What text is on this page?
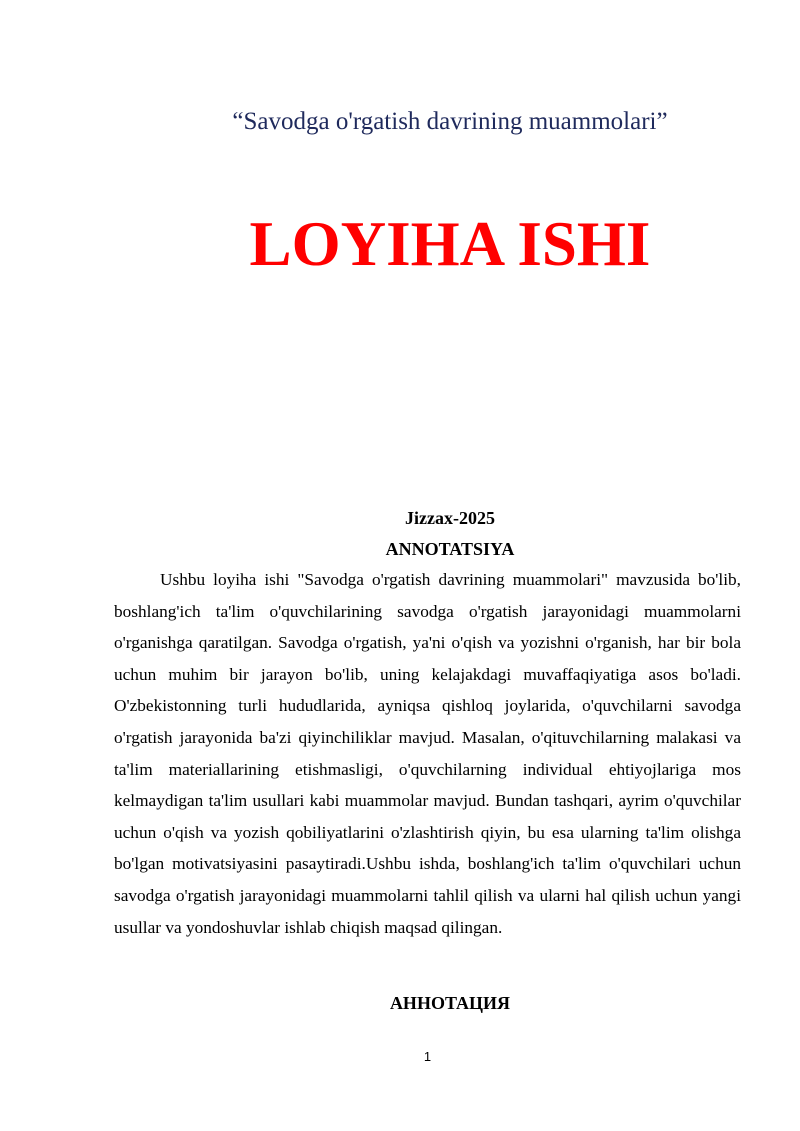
“Savodga o'rgatish davrining muammolari”
LOYIHA ISHI
Jizzax-2025
ANNOTATSIYA

Ushbu loyiha ishi "Savodga o'rgatish davrining muammolari" mavzusida bo'lib, boshlang'ich ta'lim o'quvchilarining savodga o'rgatish jarayonidagi muammolarni o'rganishga qaratilgan. Savodga o'rgatish, ya'ni o'qish va yozishni o'rganish, har bir bola uchun muhim bir jarayon bo'lib, uning kelajakdagi muvaffaqiyatiga asos bo'ladi. O'zbekistonning turli hududlarida, ayniqsa qishloq joylarida, o'quvchilarni savodga o'rgatish jarayonida ba'zi qiyinchiliklar mavjud. Masalan, o'qituvchilarning malakasi va ta'lim materiallarining etishmasligi, o'quvchilarning individual ehtiyojlariga mos kelmaydigan ta'lim usullari kabi muammolar mavjud. Bundan tashqari, ayrim o'quvchilar uchun o'qish va yozish qobiliyatlarini o'zlashtirish qiyin, bu esa ularning ta'lim olishga bo'lgan motivatsiyasini pasaytiradi.Ushbu ishda, boshlang'ich ta'lim o'quvchilari uchun savodga o'rgatish jarayonidagi muammolarni tahlil qilish va ularni hal qilish uchun yangi usullar va yondoshuvlar ishlab chiqish maqsad qilingan.

АННОТАЦИЯ
1
